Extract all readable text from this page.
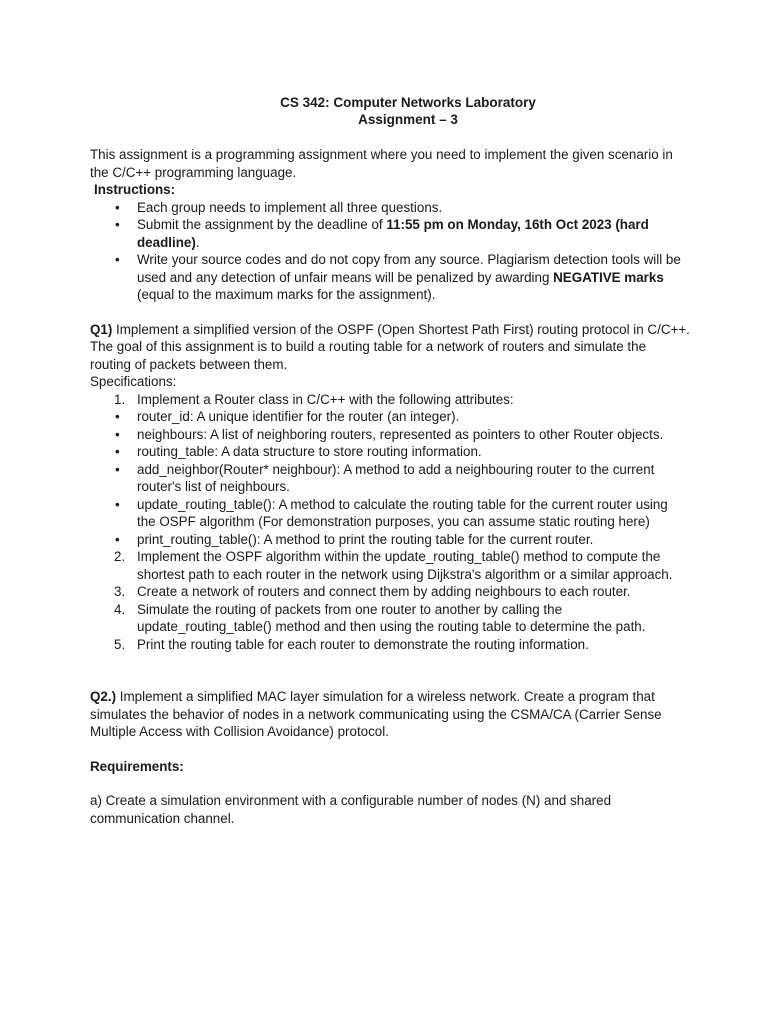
CS 342: Computer Networks Laboratory
Assignment – 3

This assignment is a programming assignment where you need to implement the given scenario in the C/C++ programming language.

Instructions:

• Each group needs to implement all three questions.
• Submit the assignment by the deadline of 11:55 pm on Monday, 16th Oct 2023 (hard deadline).
• Write your source codes and do not copy from any source. Plagiarism detection tools will be used and any detection of unfair means will be penalized by awarding NEGATIVE marks (equal to the maximum marks for the assignment).

Q1) Implement a simplified version of the OSPF (Open Shortest Path First) routing protocol in C/C++. The goal of this assignment is to build a routing table for a network of routers and simulate the routing of packets between them.

Specifications:

1. Implement a Router class in C/C++ with the following attributes:
• router_id: A unique identifier for the router (an integer).
• neighbours: A list of neighboring routers, represented as pointers to other Router objects.
• routing_table: A data structure to store routing information.
• add_neighbor(Router* neighbour): A method to add a neighbouring router to the current router's list of neighbours.
• update_routing_table(): A method to calculate the routing table for the current router using the OSPF algorithm (For demonstration purposes, you can assume static routing here)
• print_routing_table(): A method to print the routing table for the current router.
2. Implement the OSPF algorithm within the update_routing_table() method to compute the shortest path to each router in the network using Dijkstra's algorithm or a similar approach.
3. Create a network of routers and connect them by adding neighbours to each router.
4. Simulate the routing of packets from one router to another by calling the update_routing_table() method and then using the routing table to determine the path.
5. Print the routing table for each router to demonstrate the routing information.

Q2.) Implement a simplified MAC layer simulation for a wireless network. Create a program that simulates the behavior of nodes in a network communicating using the CSMA/CA (Carrier Sense Multiple Access with Collision Avoidance) protocol.

Requirements:

a) Create a simulation environment with a configurable number of nodes (N) and shared communication channel.
